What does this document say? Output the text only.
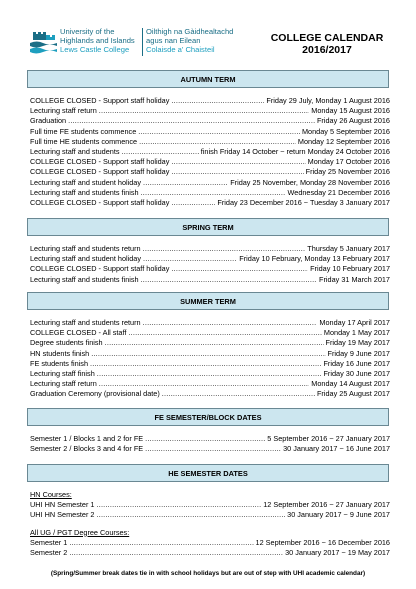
University of the
Highlands and Islands
Lews Castle College
Oilthigh na Gàidhealtachd
agus nan Eilean
Colaisde a' Chaisteil
COLLEGE CALENDAR
2016/2017
AUTUMN TERM
COLLEGE CLOSED - Support staff holiday .....	Friday 29 July, Monday 1 August 2016
Lecturing staff return .....	Monday 15 August 2016
Graduation .....	Friday 26 August 2016
Full time FE students commence .....	Monday 5 September 2016
Full time HE students commence .....	Monday 12 September 2016
Lecturing staff and students .....	finish Friday 14 October ~ return Monday 24 October 2016
COLLEGE CLOSED - Support staff holiday .....	Monday 17 October 2016
COLLEGE CLOSED - Support staff holiday .....	Friday 25 November 2016
Lecturing staff and student holiday .....	Friday 25 November, Monday 28 November 2016
Lecturing staff and students finish .....	Wednesday 21 December 2016
COLLEGE CLOSED - Support staff holiday .....	Friday 23 December 2016 ~ Tuesday 3 January 2017
SPRING TERM
Lecturing staff and students return .....	Thursday 5 January 2017
Lecturing staff and student holiday .....	Friday 10 February, Monday 13 February 2017
COLLEGE CLOSED - Support staff holiday .....	Friday 10 February 2017
Lecturing staff and students finish .....	Friday 31 March 2017
SUMMER TERM
Lecturing staff and students return .....	Monday 17 April 2017
COLLEGE CLOSED - All staff .....	Monday 1 May 2017
Degree students finish .....	Friday 19 May 2017
HN students finish .....	Friday 9 June 2017
FE students finish .....	Friday 16 June 2017
Lecturing staff finish .....	Friday 30 June 2017
Lecturing staff return .....	Monday 14 August 2017
Graduation Ceremony (provisional date) .....	Friday 25 August 2017
FE SEMESTER/BLOCK DATES
Semester 1 / Blocks 1 and 2 for FE .....	5 September 2016 ~ 27 January 2017
Semester 2 / Blocks 3 and 4 for FE .....	30 January 2017 ~ 16 June 2017
HE SEMESTER DATES
HN Courses:
UHI HN Semester 1 .....	12 September 2016 ~ 27 January 2017
UHI HN Semester 2 .....	30 January 2017 ~ 9 June 2017
All UG / PGT Degree Courses:
Semester 1 .....	12 September 2016 ~ 16 December 2016
Semester 2 .....	30 January 2017 ~ 19 May 2017
(Spring/Summer break dates tie in with school holidays but are out of step with UHI academic calendar)
